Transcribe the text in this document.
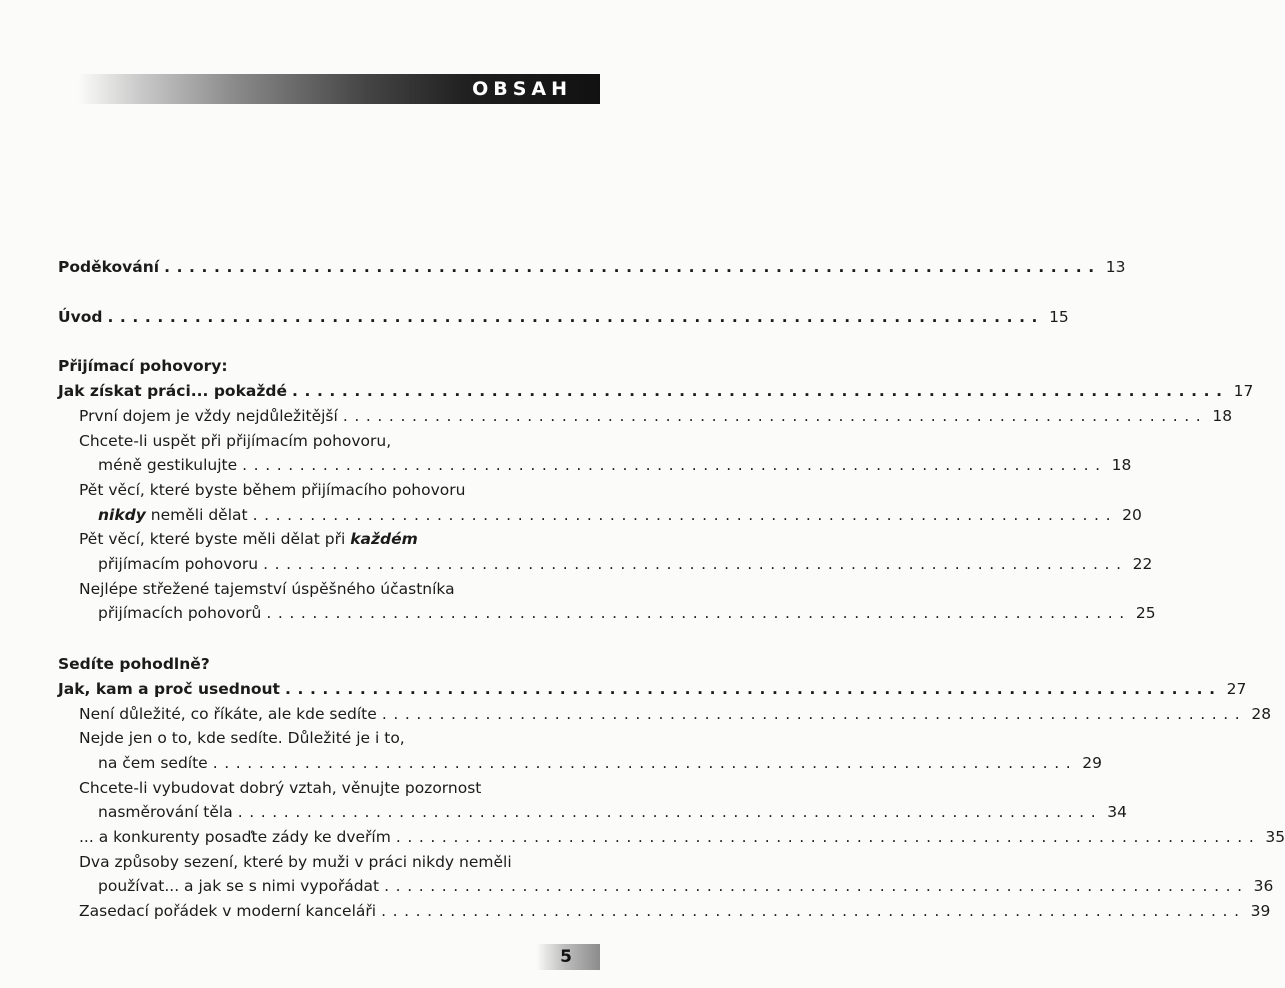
OBSAH
Poděkování ........................................................................... 13
Úvod ........................................................................... 15
Přijímací pohovory:
Jak získat práci... pokaždé ........................................................................... 17
První dojem je vždy nejdůležitější ........................................................................... 18
Chcete-li uspět při přijímacím pohovoru,
méně gestikulujte ........................................................................... 18
Pět věcí, které byste během přijímacího pohovoru
nikdy neměli dělat ........................................................................... 20
Pět věcí, které byste měli dělat při každém
přijímacím pohovoru ........................................................................... 22
Nejlépe střežené tajemství úspěšného účastníka
přijímacích pohovorů ........................................................................... 25
Sedíte pohodlně?
Jak, kam a proč usednout ........................................................................... 27
Není důležité, co říkáte, ale kde sedíte ........................................................................... 28
Nejde jen o to, kde sedíte. Důležité je i to,
na čem sedíte ........................................................................... 29
Chcete-li vybudovat dobrý vztah, věnujte pozornost
nasměrování těla ........................................................................... 34
... a konkurenty posaďte zády ke dveřím ........................................................................... 35
Dva způsoby sezení, které by muži v práci nikdy neměli
používat... a jak se s nimi vypořádat ........................................................................... 36
Zasedací pořádek v moderní kanceláři ........................................................................... 39
5
